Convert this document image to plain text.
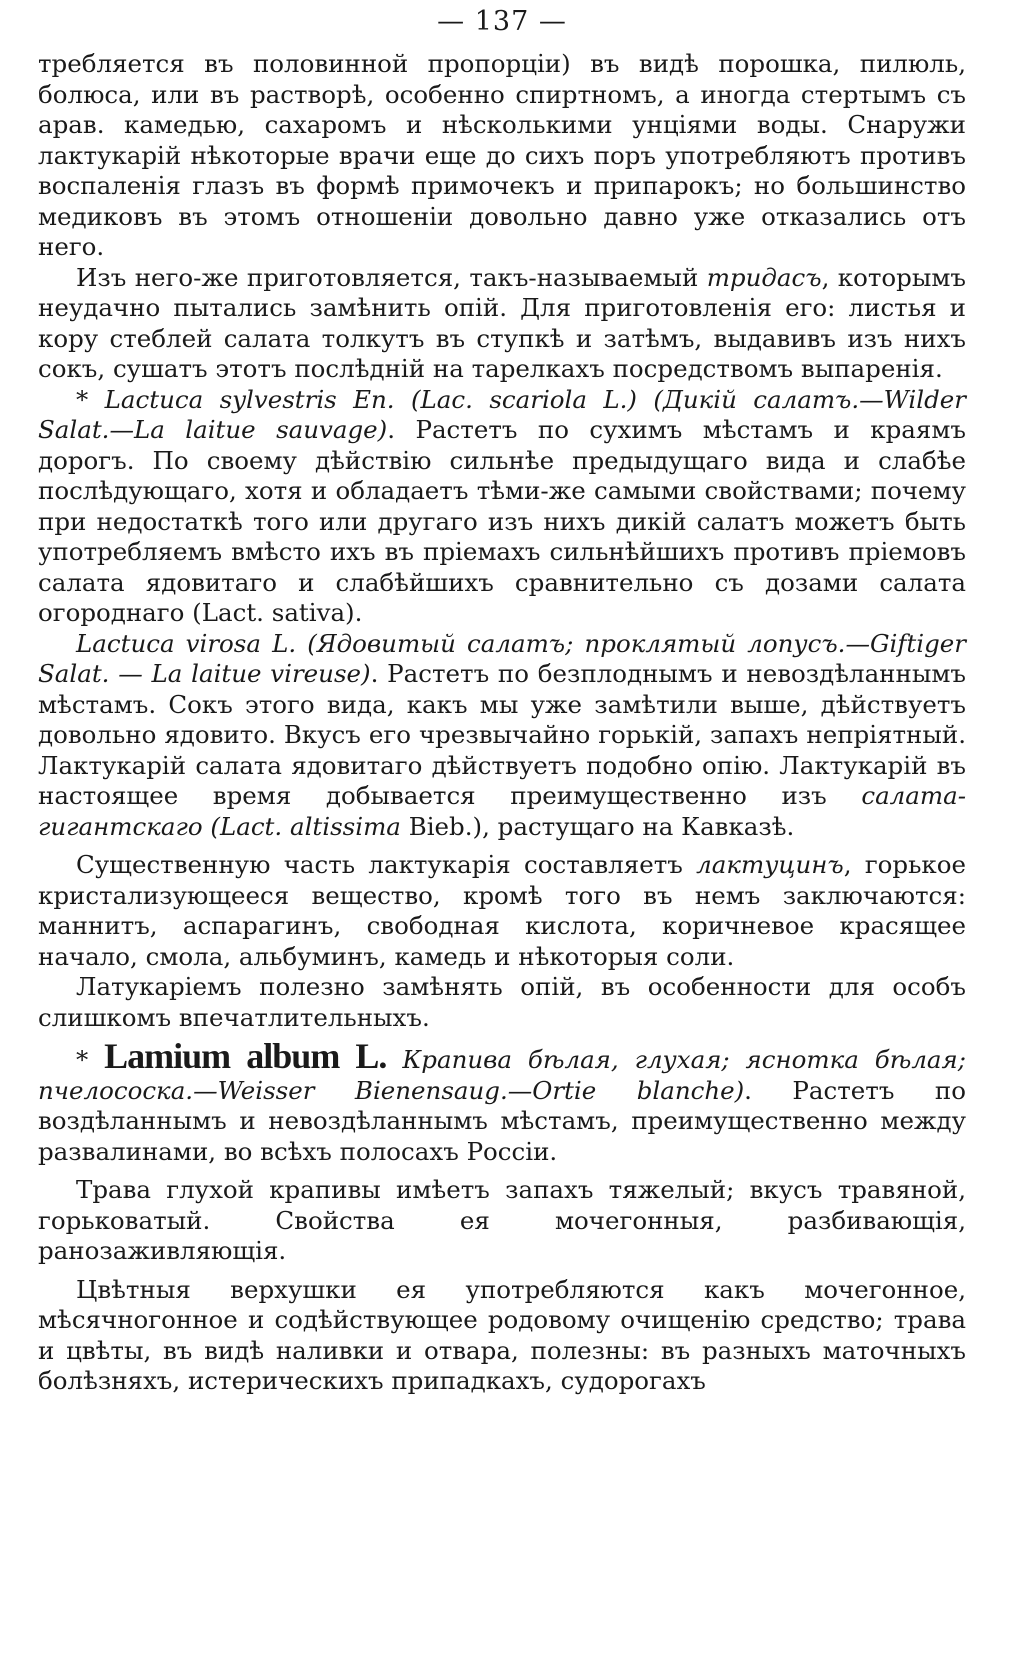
— 137 —

требляется въ половинной пропорціи) въ видѣ порошка, пилюль, болюса, или въ растворѣ, особенно спиртномъ, а иногда стертымъ съ арав. камедью, сахаромъ и нѣсколькими унціями воды. Снаружи лактукарій нѣкоторые врачи еще до сихъ поръ употребляютъ противъ воспаленія глазъ въ формѣ примочекъ и припарокъ; но большинство медиковъ въ этомъ отношеніи довольно давно уже отказались отъ него.

Изъ него-же приготовляется, такъ-называемый тридасъ, которымъ неудачно пытались замѣнить опій. Для приготовленія его: листья и кору стеблей салата толкутъ въ ступкѣ и затѣмъ, выдавивъ изъ нихъ сокъ, сушатъ этотъ послѣдній на тарелкахъ посредствомъ выпаренія.

* Lactuca sylvestris En. (Lac. scariola L.) (Дикій салатъ.—Wilder Salat.—La laitue sauvage). Растетъ по сухимъ мѣстамъ и краямъ дорогъ. По своему дѣйствію сильнѣе предыдущаго вида и слабѣе послѣдующаго, хотя и обладаетъ тѣми-же самыми свойствами; почему при недостаткѣ того или другаго изъ нихъ дикій салатъ можетъ быть употребляемъ вмѣсто ихъ въ пріемахъ сильнѣйшихъ противъ пріемовъ салата ядовитаго и слабѣйшихъ сравнительно съ дозами салата огороднаго (Lact. sativa).

Lactuca virosa L. (Ядовитый салатъ; проклятый лопусъ.—Giftiger Salat. — La laitue vireuse). Растетъ по безплоднымъ и невоздѣланнымъ мѣстамъ. Сокъ этого вида, какъ мы уже замѣтили выше, дѣйствуетъ довольно ядовито. Вкусъ его чрезвычайно горькій, запахъ непріятный. Лактукарій салата ядовитаго дѣйствуетъ подобно опію. Лактукарій въ настоящее время добывается преимущественно изъ салата-гигантскаго (Lact. altissima Bieb.), растущаго на Кавказѣ.

Существенную часть лактукарія составляетъ лактуцинъ, горькое кристализующееся вещество, кромѣ того въ немъ заключаются: маннитъ, аспарагинъ, свободная кислота, коричневое красящее начало, смола, альбуминъ, камедь и нѣкоторыя соли.

Латукаріемъ полезно замѣнять опій, въ особенности для особъ слишкомъ впечатлительныхъ.

* Lamium album L. Крапива бѣлая, глухая; яснотка бѣлая; пчелососка.—Weisser Bienensaug.—Ortie blanche). Растетъ по воздѣланнымъ и невоздѣланнымъ мѣстамъ, преимущественно между развалинами, во всѣхъ полосахъ Россіи.

Трава глухой крапивы имѣетъ запахъ тяжелый; вкусъ травяной, горьковатый. Свойства ея мочегонныя, разбивающія, ранозаживляющія.

Цвѣтныя верхушки ея употребляются какъ мочегонное, мѣсячногонное и содѣйствующее родовому очищенію средство; трава и цвѣты, въ видѣ наливки и отвара, полезны: въ разныхъ маточныхъ болѣзняхъ, истерическихъ припадкахъ, судорогахъ
